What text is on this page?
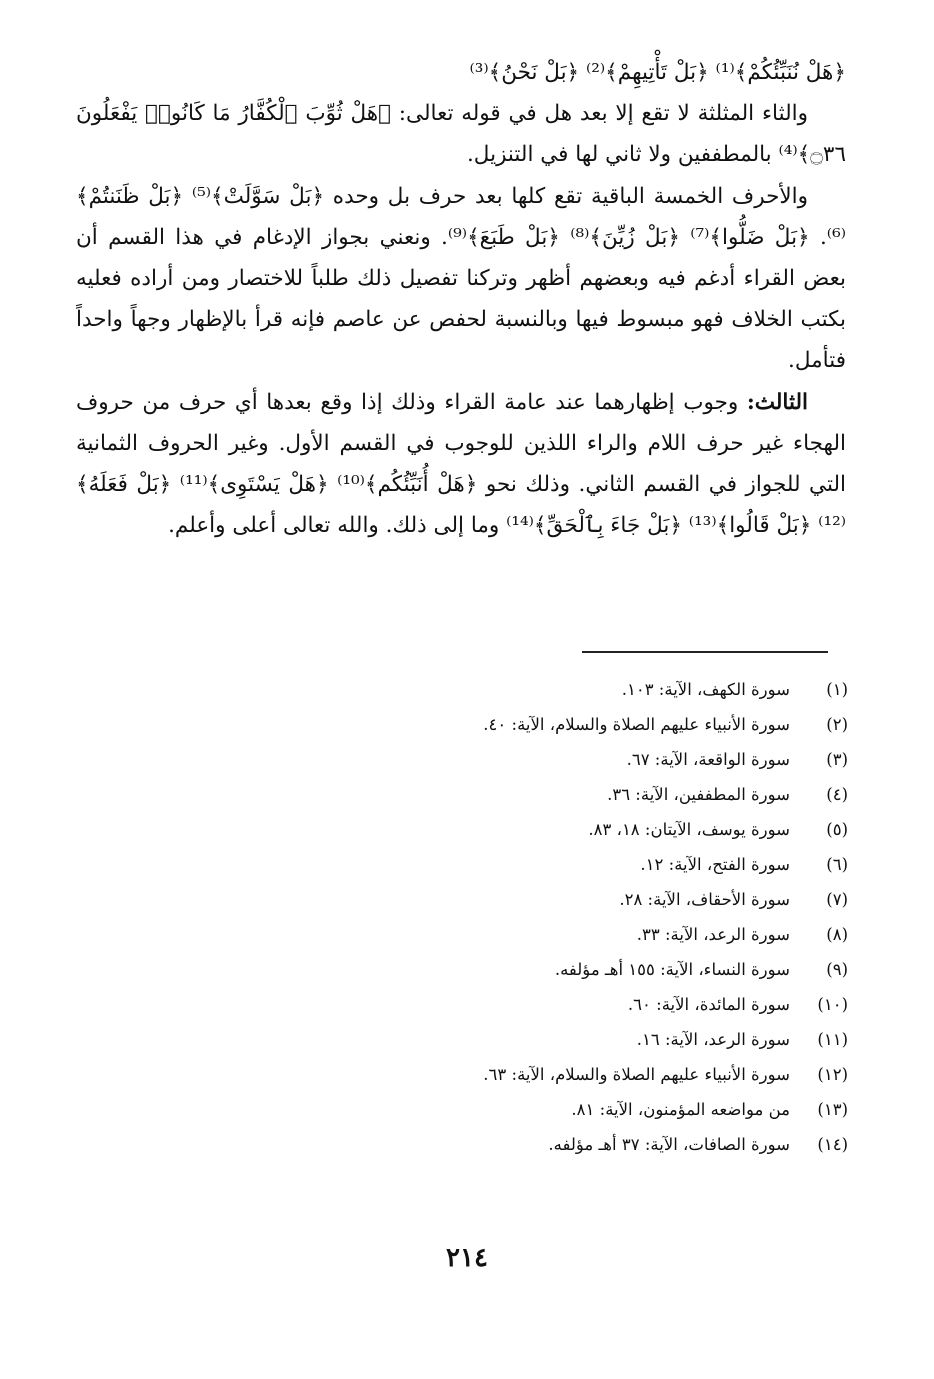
﴿هَلْ نُنَبِّئُكُمْ﴾⁽¹⁾ ﴿بَلْ تَأْتِيهِمْ﴾⁽²⁾ ﴿بَلْ نَحْنُ﴾⁽³⁾

والثاء المثلثة لا تقع إلا بعد هل في قوله تعالى: ﴿هَلْ ثُوِّبَ ٱلْكُفَّارُ مَا كَانُوا۟ يَفْعَلُونَ ۝٣٦﴾⁽⁴⁾ بالمطففين ولا ثاني لها في التنزيل.

والأحرف الخمسة الباقية تقع كلها بعد حرف بل وحده ﴿بَلْ سَوَّلَتْ﴾⁽⁵⁾ ﴿بَلْ ظَنَنتُمْ﴾⁽⁶⁾. ﴿بَلْ ضَلُّوا﴾⁽⁷⁾ ﴿بَلْ زُيِّنَ﴾⁽⁸⁾ ﴿بَلْ طَبَعَ﴾⁽⁹⁾. ونعني بجواز الإدغام في هذا القسم أن بعض القراء أدغم فيه وبعضهم أظهر وتركنا تفصيل ذلك طلباً للاختصار ومن أراده فعليه بكتب الخلاف فهو مبسوط فيها وبالنسبة لحفص عن عاصم فإنه قرأ بالإظهار وجهاً واحداً فتأمل.

الثالث: وجوب إظهارهما عند عامة القراء وذلك إذا وقع بعدها أي حرف من حروف الهجاء غير حرف اللام والراء اللذين للوجوب في القسم الأول. وغير الحروف الثمانية التي للجواز في القسم الثاني. وذلك نحو ﴿هَلْ أُنَبِّئُكُم﴾⁽¹⁰⁾ ﴿هَلْ يَسْتَوِى﴾⁽¹¹⁾ ﴿بَلْ فَعَلَهُ﴾⁽¹²⁾ ﴿بَلْ قَالُوا﴾⁽¹³⁾ ﴿بَلْ جَاءَ بِٱلْحَقِّ﴾⁽¹⁴⁾ وما إلى ذلك. والله تعالى أعلى وأعلم.

(١)سورة الكهف، الآية: ١٠٣.

(٢)سورة الأنبياء عليهم الصلاة والسلام، الآية: ٤٠.

(٣)سورة الواقعة، الآية: ٦٧.

(٤)سورة المطففين، الآية: ٣٦.

(٥)سورة يوسف، الآيتان: ١٨، ٨٣.

(٦)سورة الفتح، الآية: ١٢.

(٧)سورة الأحقاف، الآية: ٢٨.

(٨)سورة الرعد، الآية: ٣٣.

(٩)سورة النساء، الآية: ١٥٥ أهـ مؤلفه.

(١٠)سورة المائدة، الآية: ٦٠.

(١١)سورة الرعد، الآية: ١٦.

(١٢)سورة الأنبياء عليهم الصلاة والسلام، الآية: ٦٣.

(١٣)من مواضعه المؤمنون، الآية: ٨١.

(١٤)سورة الصافات، الآية: ٣٧ أهـ مؤلفه.

٢١٤
